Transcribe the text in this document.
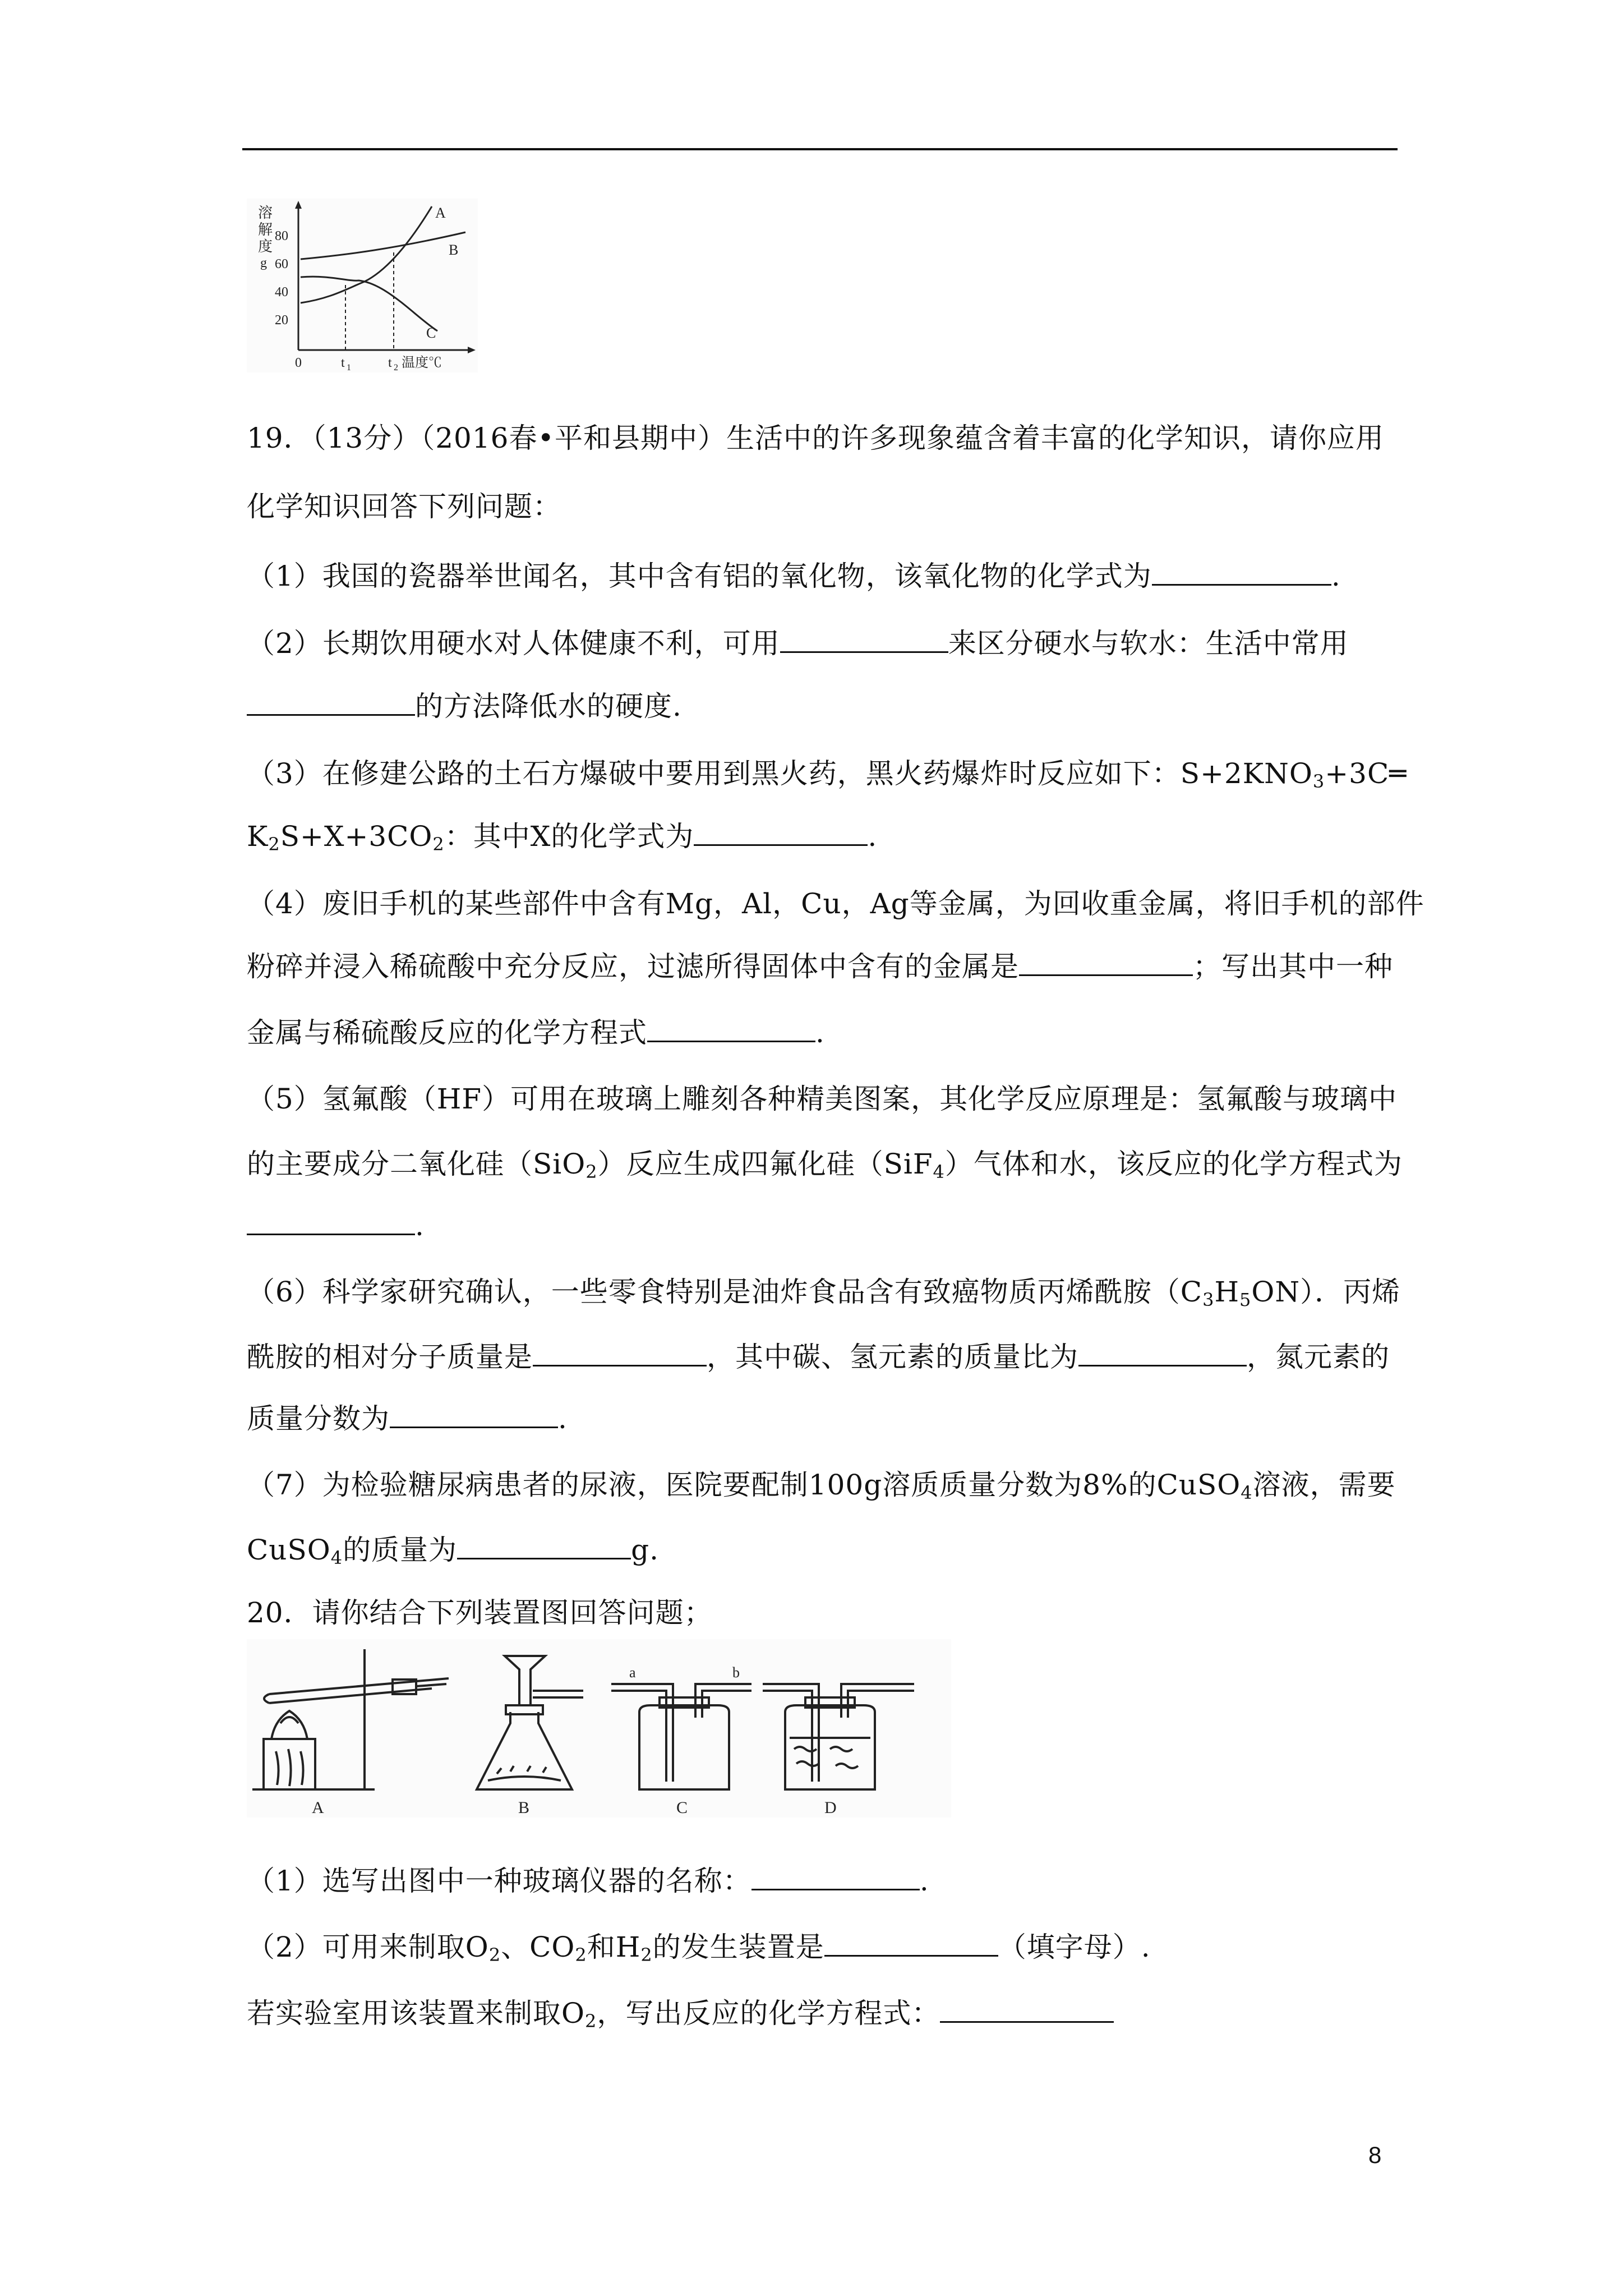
溶
解
度
g
80
60
40
20
A
B
C
0	t 1	t 2 温度℃
19．（13分）（2016春•平和县期中）生活中的许多现象蕴含着丰富的化学知识，请你应用
化学知识回答下列问题：
（1）我国的瓷器举世闻名，其中含有铝的氧化物，该氧化物的化学式为	.
（2）长期饮用硬水对人体健康不利，可用	来区分硬水与软水：生活中常用
的方法降低水的硬度.
（3）在修建公路的土石方爆破中要用到黑火药，黑火药爆炸时反应如下：$S+2KNO_3+3C═$
$K_2S+X+3CO_2$：其中X的化学式为	.
（4）废旧手机的某些部件中含有Mg，Al，Cu，Ag等金属，为回收重金属，将旧手机的部件
粉碎并浸入稀硫酸中充分反应，过滤所得固体中含有的金属是	；写出其中一种
金属与稀硫酸反应的化学方程式	.
（5）氢氟酸（HF）可用在玻璃上雕刻各种精美图案，其化学反应原理是：氢氟酸与玻璃中
的主要成分二氧化硅（SiO$_2$）反应生成四氟化硅（SiF$_4$）气体和水，该反应的化学方程式为
.
（6）科学家研究确认，一些零食特别是油炸食品含有致癌物质丙烯酰胺$(C_3H_5ON)$．丙烯
酰胺的相对分子质量是	，其中碳、氢元素的质量比为	，氮元素的
质量分数为	.
（7）为检验糖尿病患者的尿液，医院要配制100g溶质质量分数为8%的CuSO$_4$溶液，需要
CuSO$_4$的质量为	g.
20．请你结合下列装置图回答问题；
a	b
A	B	C	D
（1）选写出图中一种玻璃仪器的名称：	.
（2）可用来制取$O_2$、$CO_2$和$H_2$的发生装置是	（填字母）.
若实验室用该装置来制取$O_2$，写出反应的化学方程式：
8
